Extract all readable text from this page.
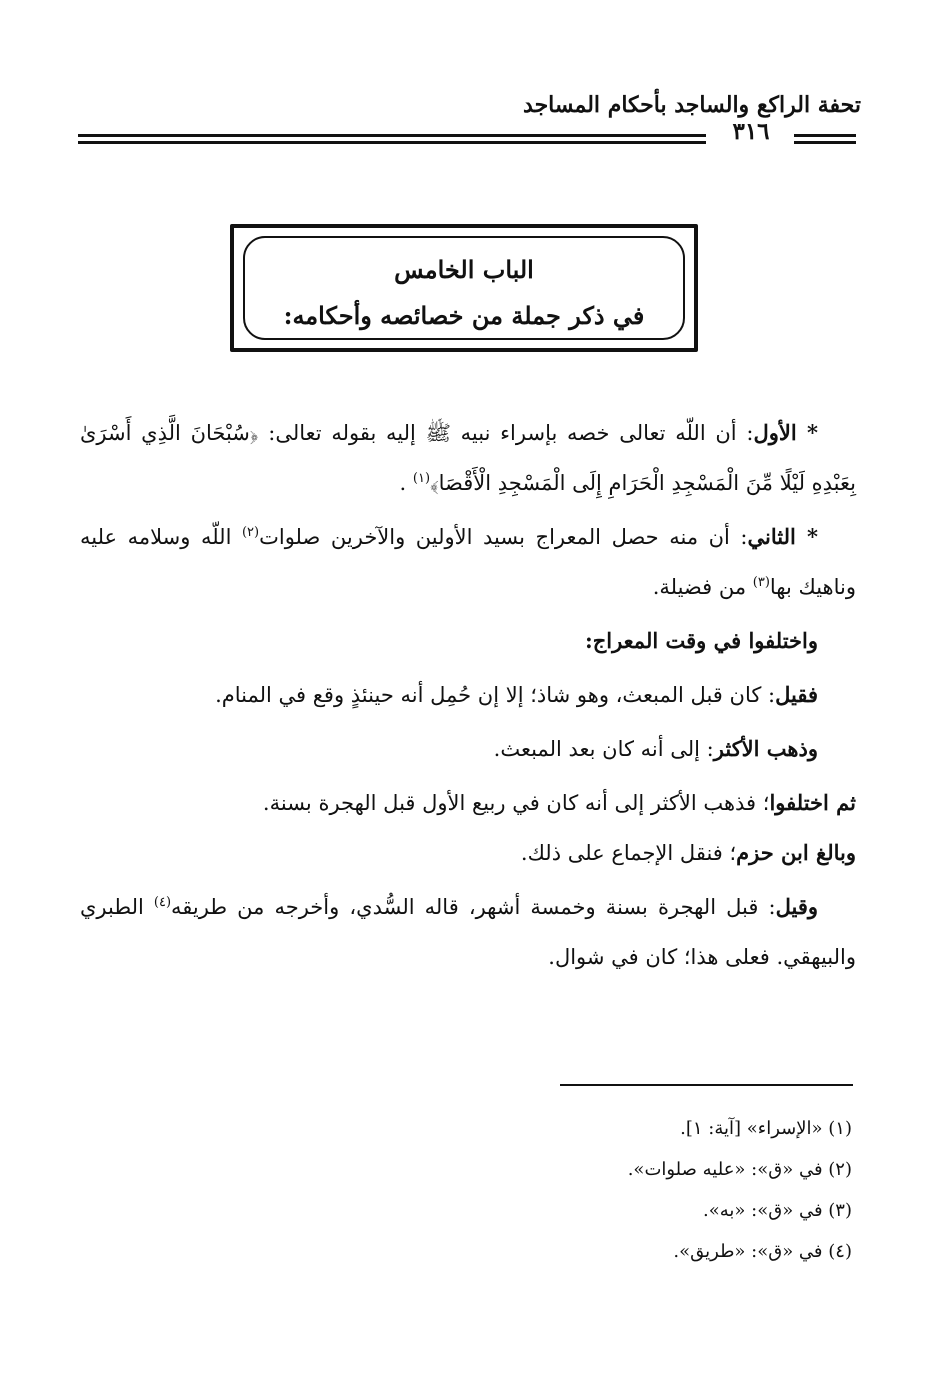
تحفة الراكع والساجد بأحكام المساجد
٣١٦
الباب الخامس
في ذكر جملة من خصائصه وأحكامه:

* الأول: أن اللّه تعالى خصه بإسراء نبيه ﷺ إليه بقوله تعالى: ﴿سُبْحَانَ الَّذِي أَسْرَىٰ بِعَبْدِهِ لَيْلًا مِّنَ الْمَسْجِدِ الْحَرَامِ إِلَى الْمَسْجِدِ الْأَقْصَا﴾$^{(١)}$ .

* الثاني: أن منه حصل المعراج بسيد الأولين والآخرين صلوات$^{(٢)}$ اللّه وسلامه عليه وناهيك بها$^{(٣)}$ من فضيلة.

واختلفوا في وقت المعراج:

فقيل: كان قبل المبعث، وهو شاذ؛ إلا إن حُمِل أنه حينئذٍ وقع في المنام.

وذهب الأكثر: إلى أنه كان بعد المبعث.

ثم اختلفوا؛ فذهب الأكثر إلى أنه كان في ربيع الأول قبل الهجرة بسنة.

وبالغ ابن حزم؛ فنقل الإجماع على ذلك.

وقيل: قبل الهجرة بسنة وخمسة أشهر، قاله السُّدي، وأخرجه من طريقه$^{(٤)}$ الطبري والبيهقي. فعلى هذا؛ كان في شوال.

(١) «الإسراء» [آية: ١].

(٢) في «ق»: «عليه صلوات».

(٣) في «ق»: «به».

(٤) في «ق»: «طريق».
